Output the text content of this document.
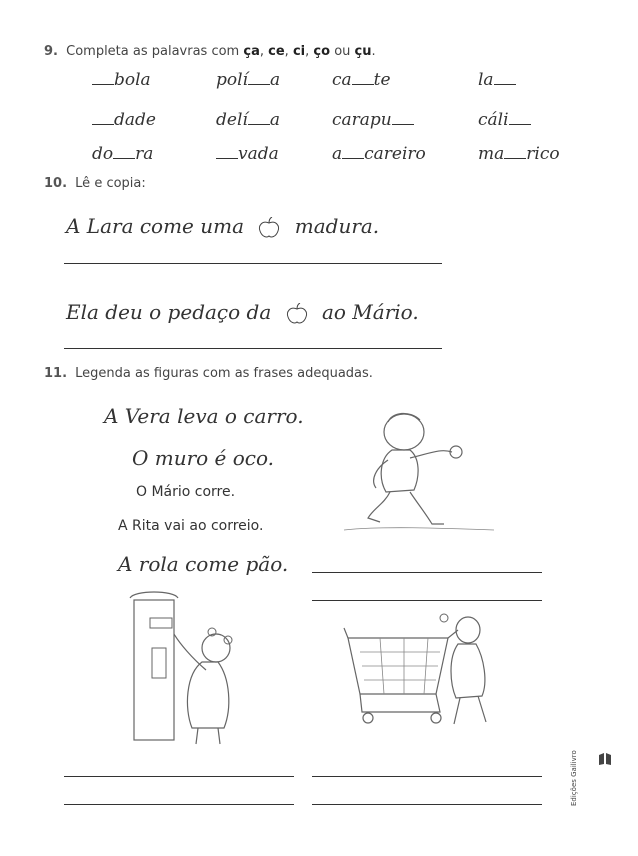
9. Completa as palavras com ça, ce, ci, ço ou çu.
bola	polí a	ca te	la
dade	delí a	carapu	cáli
do ra	vada	a careiro	ma rico
10. Lê e copia:
A Lara come uma	madura.
Ela deu o pedaço da	ao Mário.
11. Legenda as figuras com as frases adequadas.
A Vera leva o carro.
O muro é oco.
O Mário corre.
A Rita vai ao correio.
A rola come pão.
Edições Gailivro
